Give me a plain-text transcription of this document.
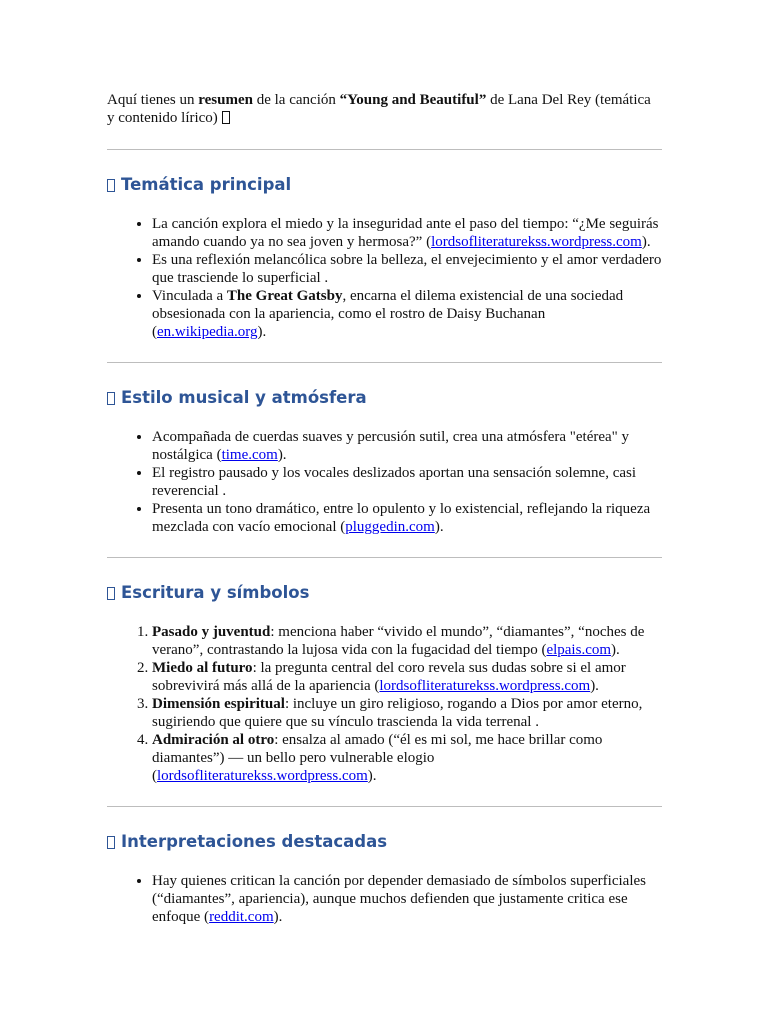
Aquí tienes un resumen de la canción “Young and Beautiful” de Lana Del Rey (temática y contenido lírico)

Temática principal
• La canción explora el miedo y la inseguridad ante el paso del tiempo: “¿Me seguirás amando cuando ya no sea joven y hermosa?” (lordsofliteraturekss.wordpress.com).
• Es una reflexión melancólica sobre la belleza, el envejecimiento y el amor verdadero que trasciende lo superficial .
• Vinculada a The Great Gatsby, encarna el dilema existencial de una sociedad obsesionada con la apariencia, como el rostro de Daisy Buchanan (en.wikipedia.org).
Estilo musical y atmósfera
• Acompañada de cuerdas suaves y percusión sutil, crea una atmósfera "etérea" y nostálgica (time.com).
• El registro pausado y los vocales deslizados aportan una sensación solemne, casi reverencial .
• Presenta un tono dramático, entre lo opulento y lo existencial, reflejando la riqueza mezclada con vacío emocional (pluggedin.com).
Escritura y símbolos
1. Pasado y juventud: menciona haber “vivido el mundo”, “diamantes”, “noches de verano”, contrastando la lujosa vida con la fugacidad del tiempo (elpais.com).
2. Miedo al futuro: la pregunta central del coro revela sus dudas sobre si el amor sobrevivirá más allá de la apariencia (lordsofliteraturekss.wordpress.com).
3. Dimensión espiritual: incluye un giro religioso, rogando a Dios por amor eterno, sugiriendo que quiere que su vínculo trascienda la vida terrenal .
4. Admiración al otro: ensalza al amado (“él es mi sol, me hace brillar como diamantes”) — un bello pero vulnerable elogio (lordsofliteraturekss.wordpress.com).
Interpretaciones destacadas
• Hay quienes critican la canción por depender demasiado de símbolos superficiales (“diamantes”, apariencia), aunque muchos defienden que justamente critica ese enfoque (reddit.com).
